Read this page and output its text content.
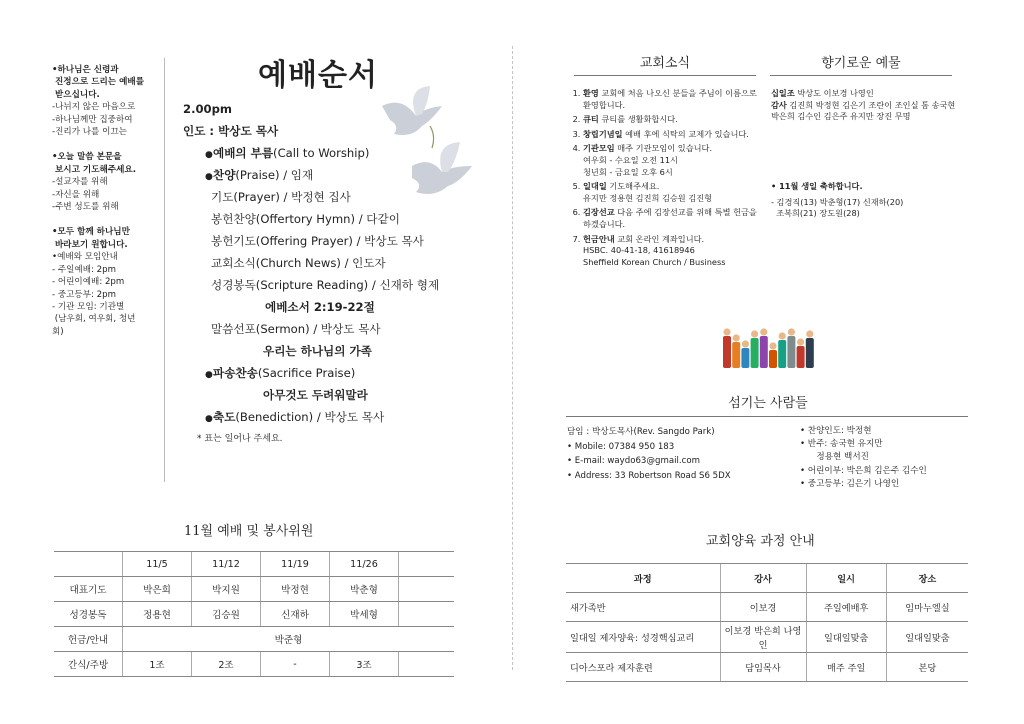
•하나님은 신령과
진정으로 드리는 예배를
받으십니다.
-나뉘지 않은 마음으로
-하나님께만 집중하여
-진리가 나를 이끄는
•오늘 말씀 본문을
보시고 기도해주세요.
-설교자를 위해
-자신을 위해
-주변 성도를 위해
•모두 함께 하나님만
바라보기 원합니다.
•예배와 모임안내
- 주일예배: 2pm
- 어린이예배: 2pm
- 중고등부: 2pm
- 기관 모임: 기관별
(남우회, 여우회, 청년
회)
예배순서
2.00pm
인도 : 박상도 목사
●예배의 부름(Call to Worship)
●찬양(Praise) / 임재
기도(Prayer) / 박정현 집사
봉헌찬양(Offertory Hymn) / 다같이
봉헌기도(Offering Prayer) / 박상도 목사
교회소식(Church News) / 인도자
성경봉독(Scripture Reading) / 신재하 형제
에베소서 2:19-22절
말씀선포(Sermon) / 박상도 목사
우리는 하나님의 가족
●파송찬송(Sacrifice Praise)
아무것도 두려워말라
●축도(Benediction) / 박상도 목사
* 표는 일어나 주세요.
11월 예배 및 봉사위원
	11/5	11/12	11/19	11/26	
대표기도	박은희	박지원	박정현	박춘형	
성경봉독	정용현	김승원	신재하	박세형	
헌금/안내	박준형				
간식/주방	1조	2조	-	3조	
교회소식
1. 환영 교회에 처음 나오신 분들을 주님이 이름으로 환영합니다.
2. 큐티 큐티를 생활화합시다.
3. 창립기념일 예배 후에 식탁의 교제가 있습니다.
4. 기관모임 매주 기관모임이 있습니다.
여우회 - 수요일 오전 11시
청년회 - 금요일 오후 6시
5. 일대일 기도해주세요.
유지만 정용현 김진희 김승원 김진형
6. 김장선교 다음 주에 김장선교를 위해 특별 헌금을 하겠습니다.
7. 헌금안내 교회 온라인 계좌입니다.
HSBC. 40-41-18, 41618946
Sheffield Korean Church / Business
향기로운 예물
십일조 박상도 이보경 나영인
감사 김진희 박정현 김은기 조란이 조인실 톰 송국현 박은희 김수인 김은주 유지만 장진 무명
• 11월 생일 축하합니다.
- 김경직(13) 박춘형(17) 신재하(20)
조복희(21) 장도원(28)
섬기는 사람들
담임 : 박상도목사(Rev. Sangdo Park)
• Mobile: 07384 950 183
• E-mail: waydo63@gmail.com
• Address: 33 Robertson Road S6 5DX
• 찬양인도: 박정현
• 반주: 송국현 유지만
정용현 백서진
• 어린이부: 박은희 김은주 김수인
• 중고등부: 김은기 나영인
교회양육 과정 안내
과정	강사	일시	장소
새가족반	이보경	주일예배후	임마누엘실
일대일 제자양육: 성경핵심교리	이보경 박은희 나영인	일대일맞춤	일대일맞춤
디아스포라 제자훈련	담임목사	매주 주일	본당
